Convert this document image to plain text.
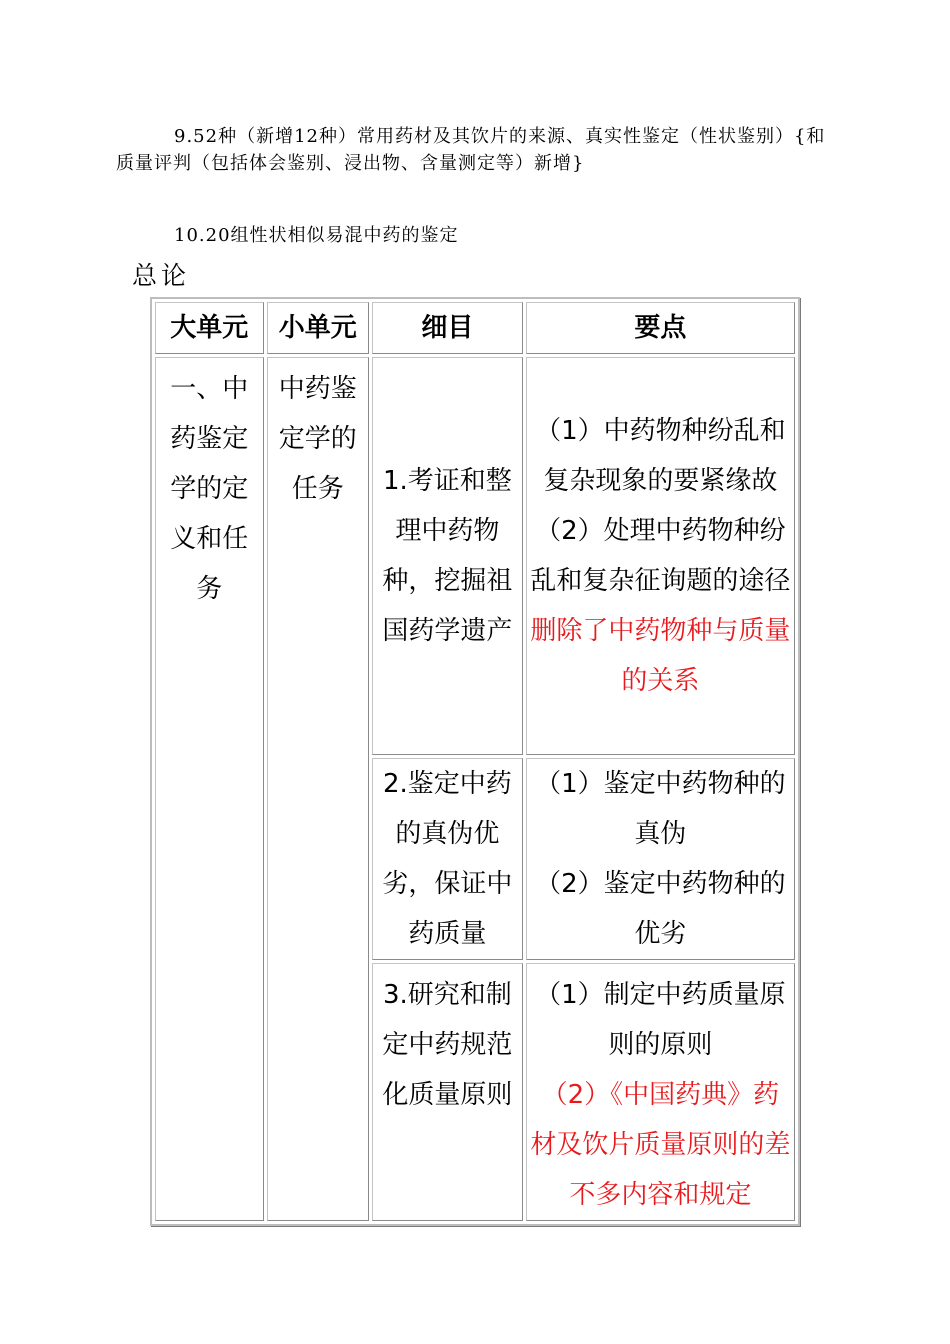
9.52种（新增12种）常用药材及其饮片的来源、真实性鉴定（性状鉴别）{和质量评判（包括体会鉴别、浸出物、含量测定等）新增}
10.20组性状相似易混中药的鉴定
总论
大单元	小单元	细目	要点
一、中药鉴定学的定义和任务	中药鉴定学的任务	1.考证和整理中药物种，挖掘祖国药学遗产	（1）中药物种纷乱和复杂现象的要紧缘故
（2）处理中药物种纷乱和复杂征询题的途径
删除了中药物种与质量的关系

		2.鉴定中药的真伪优劣，保证中药质量	（1）鉴定中药物种的真伪
（2）鉴定中药物种的优劣

		3.研究和制定中药规范化质量原则	（1）制定中药质量原则的原则
（2）《中国药典》药材及饮片质量原则的差不多内容和规定
